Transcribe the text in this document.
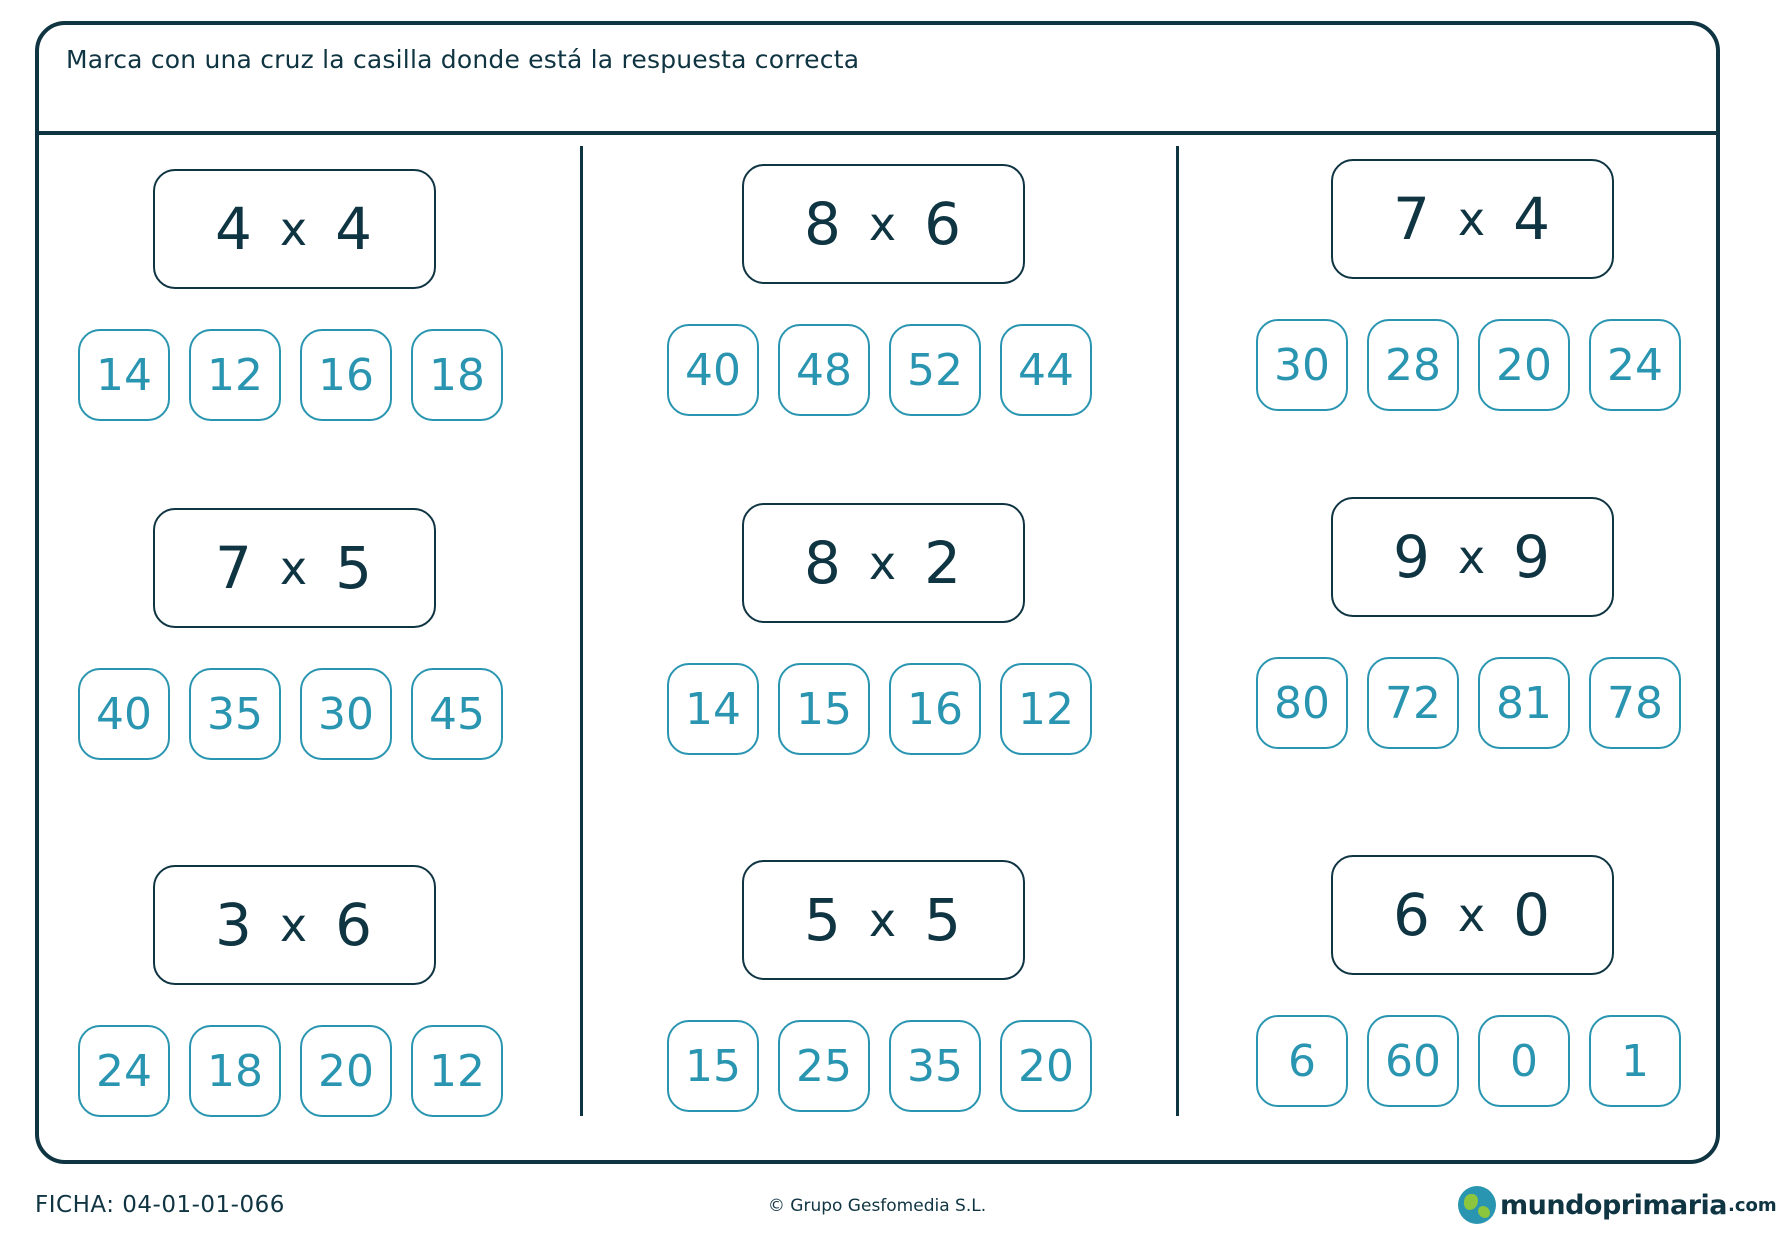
Marca con una cruz la casilla donde está la respuesta correcta
4 x 4
14	12	16	18
8 x 6
40	48	52	44
7 x 4
30	28	20	24
7 x 5
40	35	30	45
8 x 2
14	15	16	12
9 x 9
80	72	81	78
3 x 6
24	18	20	12
5 x 5
15	25	35	20
6 x 0
6	60	0	1
FICHA: 04-01-01-066	© Grupo Gesfomedia S.L.	mundoprimaria .com
